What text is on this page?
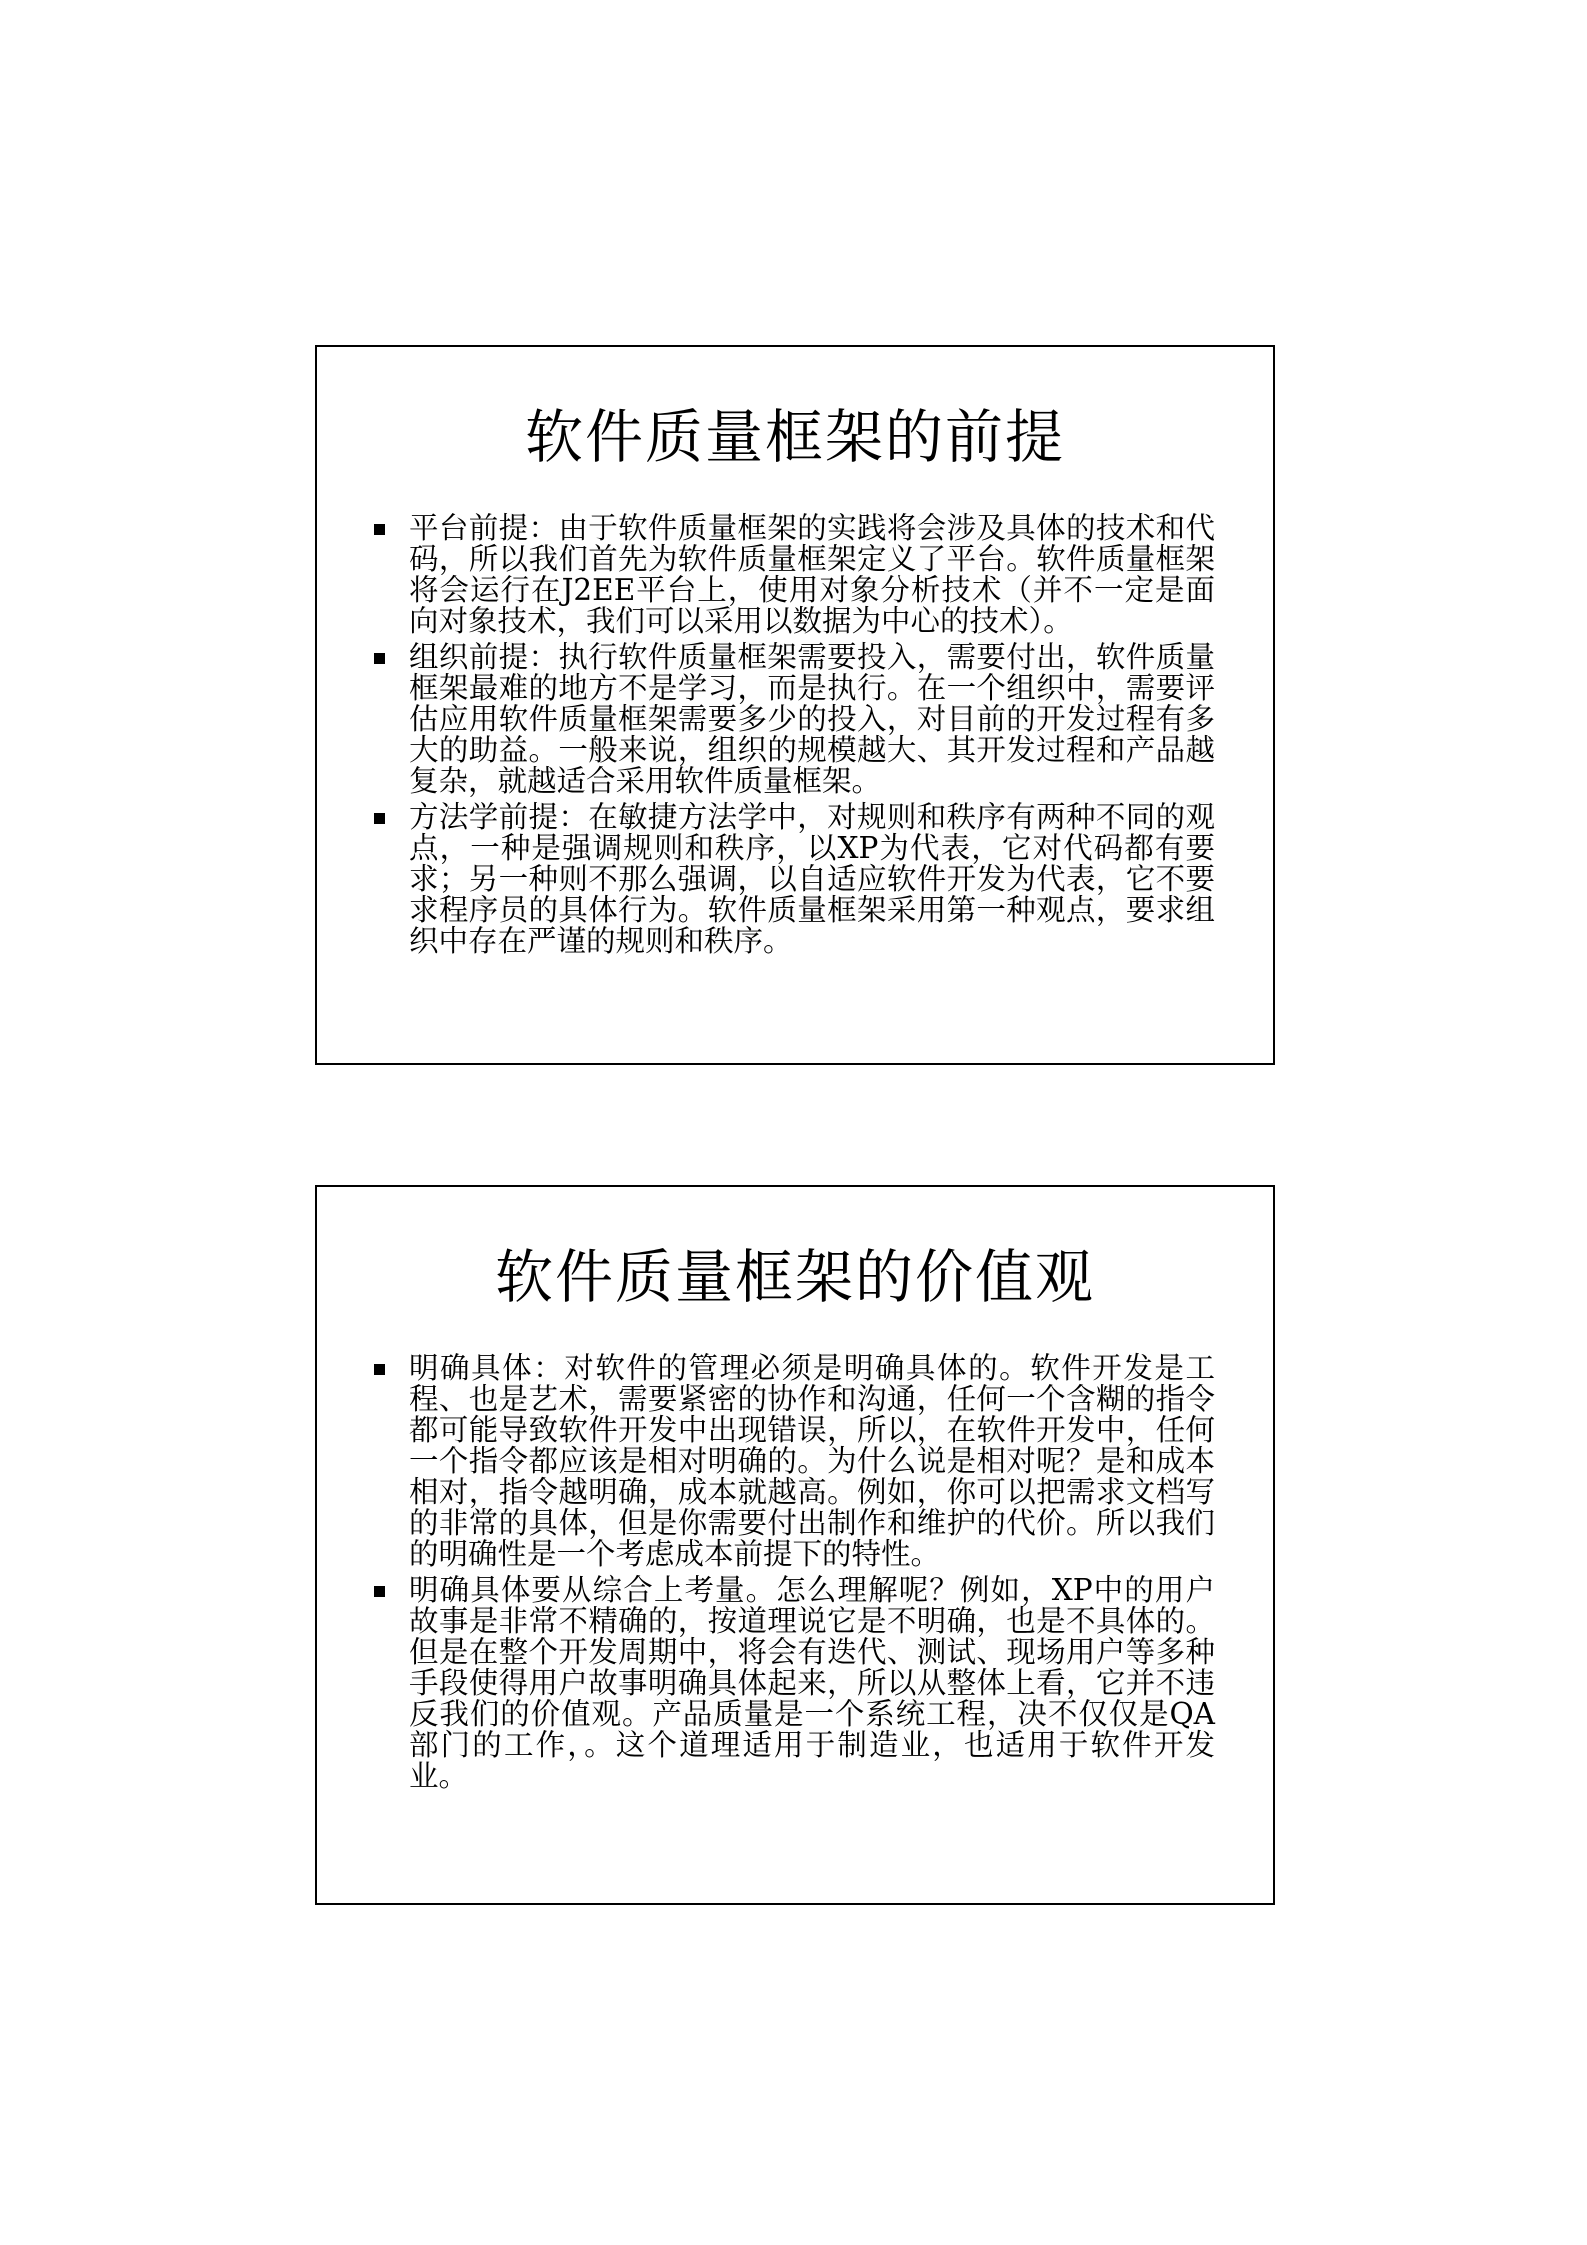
软件质量框架的前提
平台前提：由于软件质量框架的实践将会涉及具体的技术和代码，所以我们首先为软件质量框架定义了平台。软件质量框架将会运行在J2EE平台上，使用对象分析技术（并不一定是面向对象技术，我们可以采用以数据为中心的技术）。
组织前提：执行软件质量框架需要投入，需要付出，软件质量框架最难的地方不是学习，而是执行。在一个组织中，需要评估应用软件质量框架需要多少的投入，对目前的开发过程有多大的助益。一般来说，组织的规模越大、其开发过程和产品越复杂，就越适合采用软件质量框架。
方法学前提：在敏捷方法学中，对规则和秩序有两种不同的观点，一种是强调规则和秩序，以XP为代表，它对代码都有要求；另一种则不那么强调，以自适应软件开发为代表，它不要求程序员的具体行为。软件质量框架采用第一种观点，要求组织中存在严谨的规则和秩序。
软件质量框架的价值观
明确具体：对软件的管理必须是明确具体的。软件开发是工程、也是艺术，需要紧密的协作和沟通，任何一个含糊的指令都可能导致软件开发中出现错误，所以，在软件开发中，任何一个指令都应该是相对明确的。为什么说是相对呢？是和成本相对，指令越明确，成本就越高。例如，你可以把需求文档写的非常的具体，但是你需要付出制作和维护的代价。所以我们的明确性是一个考虑成本前提下的特性。
明确具体要从综合上考量。怎么理解呢？例如，XP中的用户故事是非常不精确的，按道理说它是不明确，也是不具体的。但是在整个开发周期中，将会有迭代、测试、现场用户等多种手段使得用户故事明确具体起来，所以从整体上看，它并不违反我们的价值观。产品质量是一个系统工程，决不仅仅是QA部门的工作，。这个道理适用于制造业，也适用于软件开发业。
